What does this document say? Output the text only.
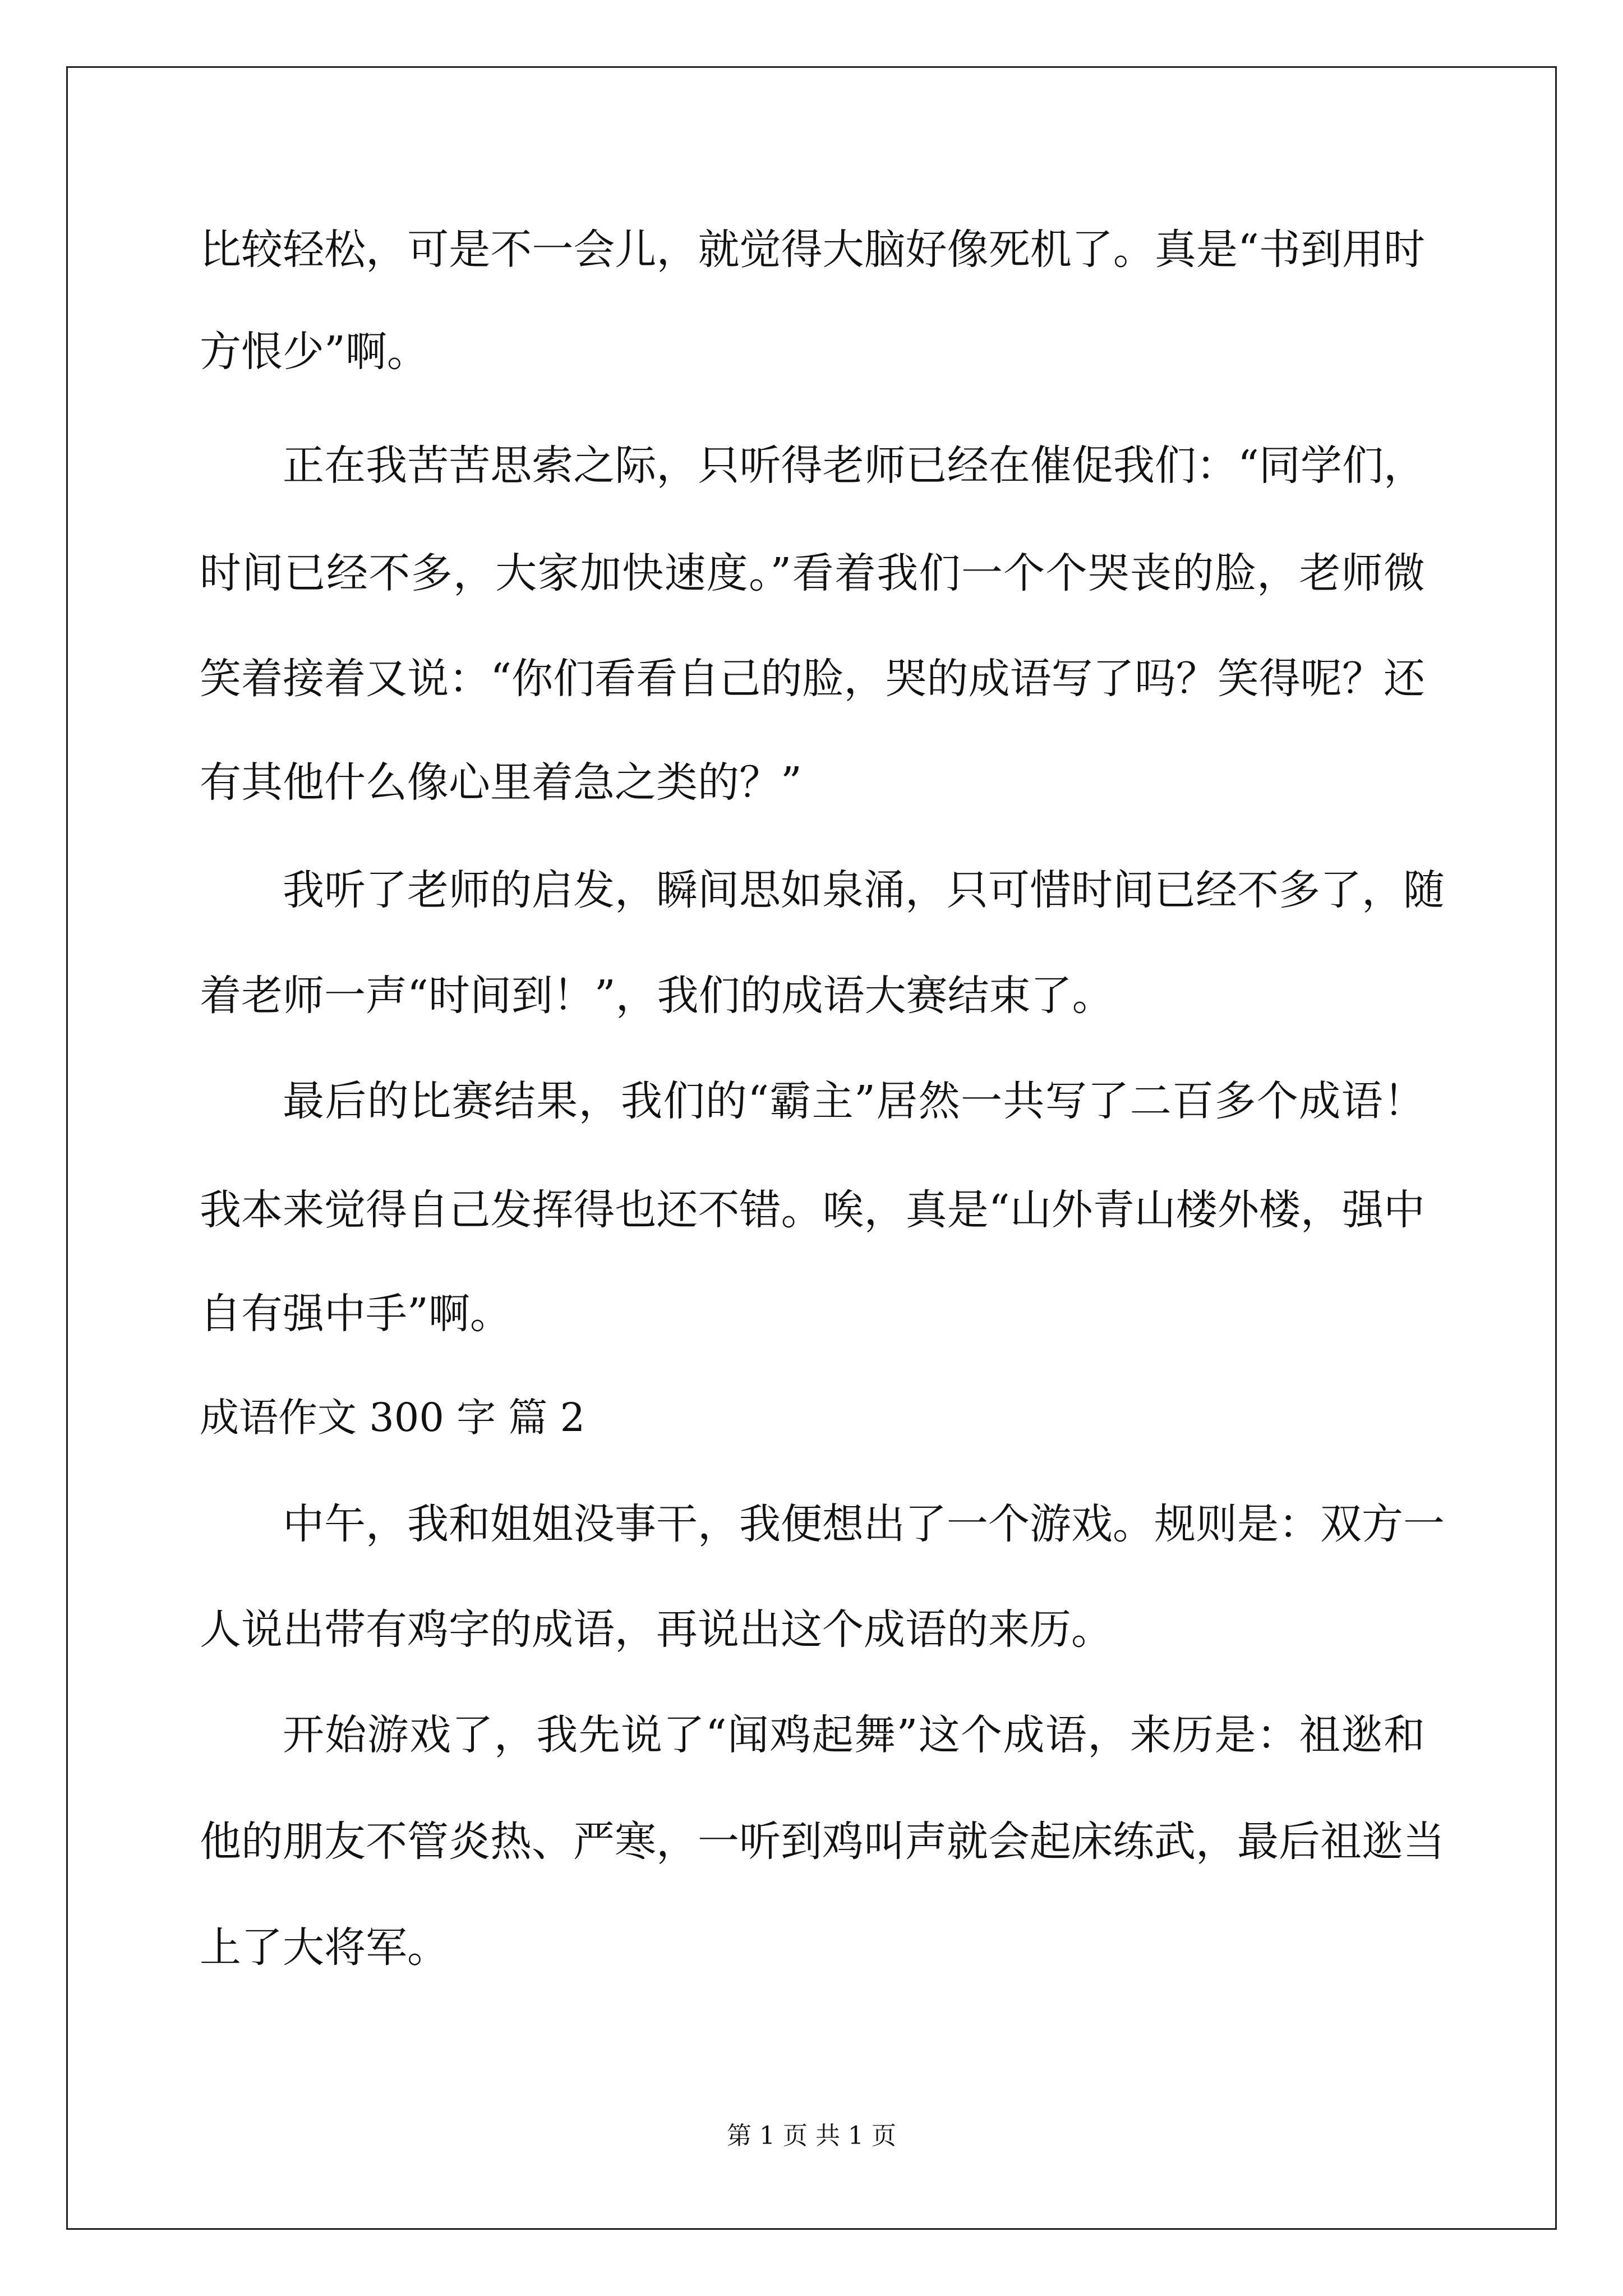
比较轻松，可是不一会儿，就觉得大脑好像死机了。真是“书到用时
方恨少”啊。
正在我苦苦思索之际，只听得老师已经在催促我们：“同学们，
时间已经不多，大家加快速度。”看着我们一个个哭丧的脸，老师微
笑着接着又说：“你们看看自己的脸，哭的成语写了吗？笑得呢？还
有其他什么像心里着急之类的？”
我听了老师的启发，瞬间思如泉涌，只可惜时间已经不多了，随
着老师一声“时间到！”，我们的成语大赛结束了。
最后的比赛结果，我们的“霸主”居然一共写了二百多个成语！
我本来觉得自己发挥得也还不错。唉，真是“山外青山楼外楼，强中
自有强中手”啊。
成语作文 300 字 篇 2
中午，我和姐姐没事干，我便想出了一个游戏。规则是：双方一
人说出带有鸡字的成语，再说出这个成语的来历。
开始游戏了，我先说了“闻鸡起舞”这个成语，来历是：祖逖和
他的朋友不管炎热、严寒，一听到鸡叫声就会起床练武，最后祖逖当
上了大将军。
第 1 页 共 1 页
